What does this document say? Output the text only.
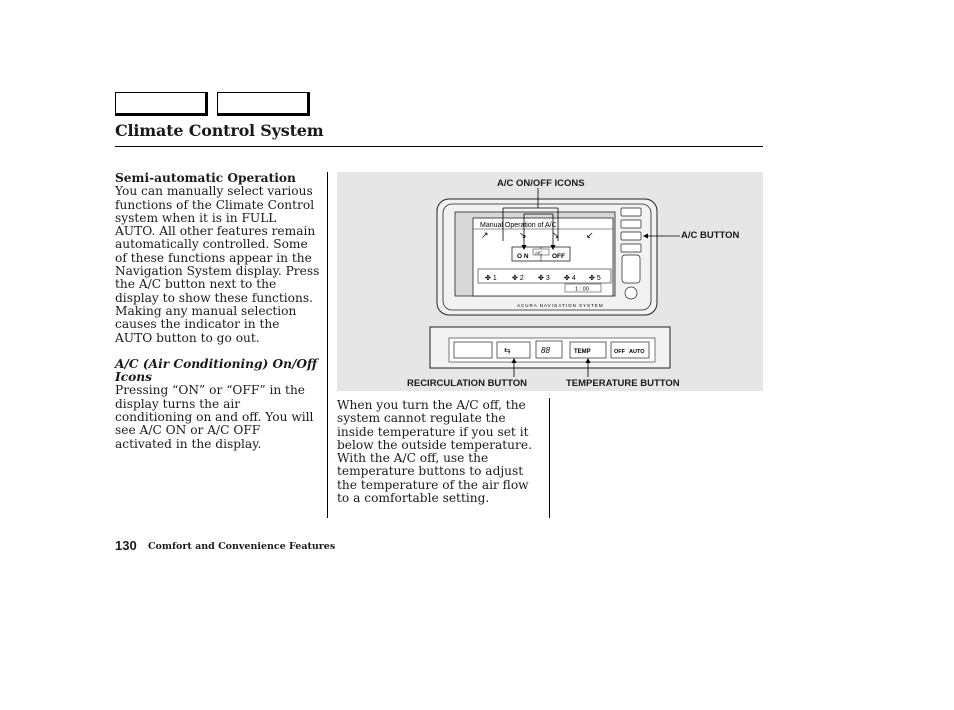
Climate Control System

Semi-automatic Operation

You can manually select various functions of the Climate Control system when it is in FULL AUTO. All other features remain automatically controlled. Some of these functions appear in the Navigation System display. Press the A/C button next to the display to show these functions. Making any manual selection causes the indicator in the AUTO button to go out.

A/C (Air Conditioning) On/Off Icons

Pressing “ON” or “OFF” in the display turns the air conditioning on and off. You will see A/C ON or A/C OFF activated in the display.

A/C ON/OFF ICONS
A/C BUTTON
RECIRCULATION BUTTON	TEMPERATURE BUTTON
Manual Operation of A/C
↗	↘	↘	↙
A/C
O N	OFF
✤ 1 ✤ 2 ✤ 3 ✤ 4 ✤ 5
1 : 00
ACURA NAVIGATION SYSTEM
⇆	88	TEMP	OFF AUTO

When you turn the A/C off, the system cannot regulate the inside temperature if you set it below the outside temperature. With the A/C off, use the temperature buttons to adjust the temperature of the air flow to a comfortable setting.

130 Comfort and Convenience Features
